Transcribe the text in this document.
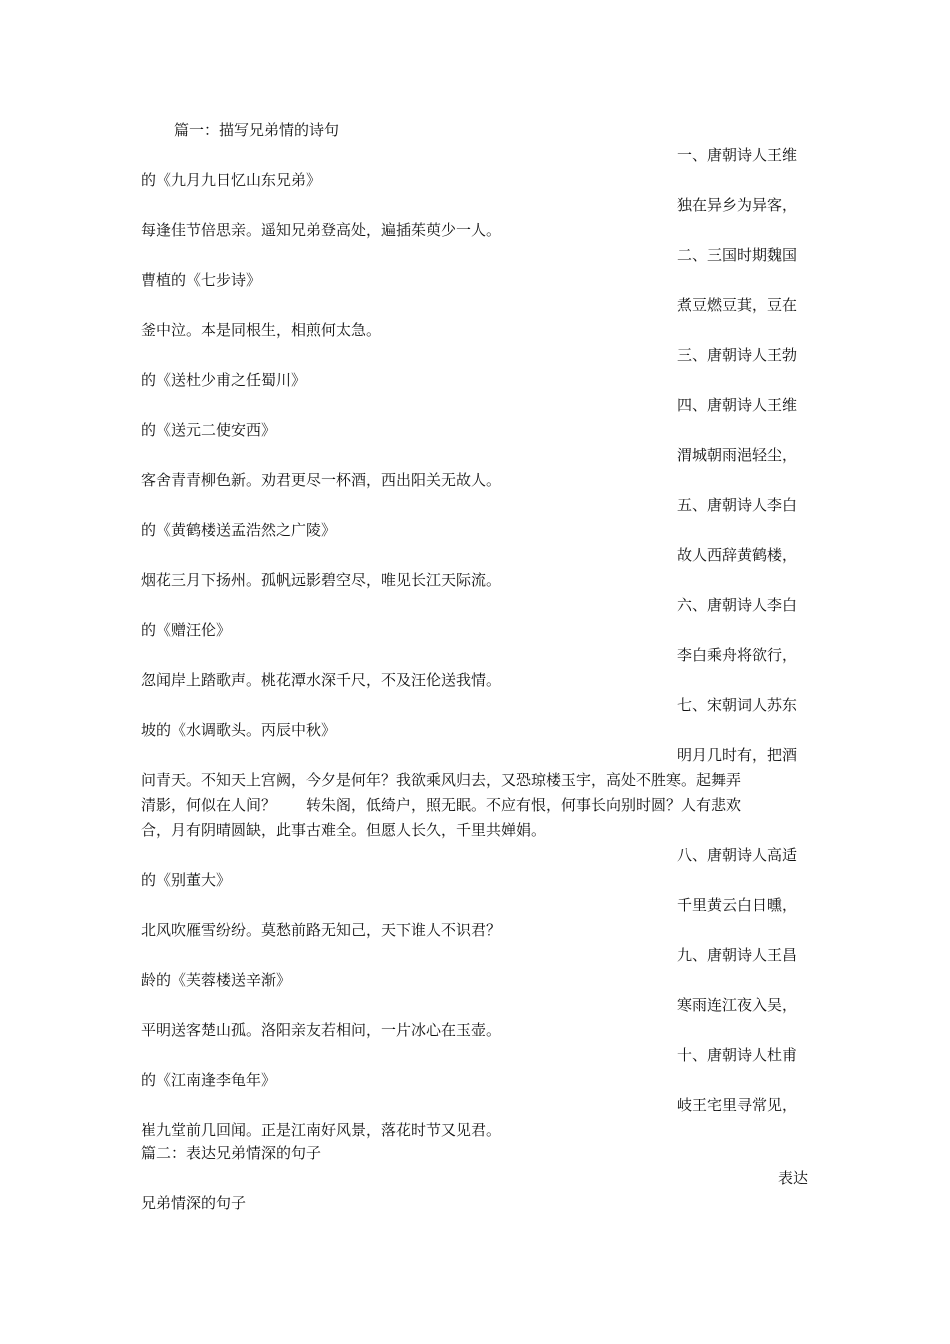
篇一：描写兄弟情的诗句

一、唐朝诗人王维

的《九月九日忆山东兄弟》

独在异乡为异客，

每逢佳节倍思亲。遥知兄弟登高处，遍插茱萸少一人。

二、三国时期魏国

曹植的《七步诗》

煮豆燃豆萁，豆在

釜中泣。本是同根生，相煎何太急。

三、唐朝诗人王勃

的《送杜少甫之任蜀川》

四、唐朝诗人王维

的《送元二使安西》

渭城朝雨浥轻尘，

客舍青青柳色新。劝君更尽一杯酒，西出阳关无故人。

五、唐朝诗人李白

的《黄鹤楼送孟浩然之广陵》

故人西辞黄鹤楼，

烟花三月下扬州。孤帆远影碧空尽，唯见长江天际流。

六、唐朝诗人李白

的《赠汪伦》

李白乘舟将欲行，

忽闻岸上踏歌声。桃花潭水深千尺，不及汪伦送我情。

七、宋朝词人苏东

坡的《水调歌头。丙辰中秋》

明月几时有，把酒

问青天。不知天上宫阙，今夕是何年？我欲乘风归去，又恐琼楼玉宇，高处不胜寒。起舞弄

清影，何似在人间？　　转朱阁，低绮户，照无眠。不应有恨，何事长向别时圆？人有悲欢

合，月有阴晴圆缺，此事古难全。但愿人长久，千里共婵娟。

八、唐朝诗人高适

的《别董大》

千里黄云白日曛，

北风吹雁雪纷纷。莫愁前路无知己，天下谁人不识君？

九、唐朝诗人王昌

龄的《芙蓉楼送辛渐》

寒雨连江夜入吴，

平明送客楚山孤。洛阳亲友若相问，一片冰心在玉壶。

十、唐朝诗人杜甫

的《江南逢李龟年》

岐王宅里寻常见，

崔九堂前几回闻。正是江南好风景，落花时节又见君。

篇二：表达兄弟情深的句子

表达

兄弟情深的句子
